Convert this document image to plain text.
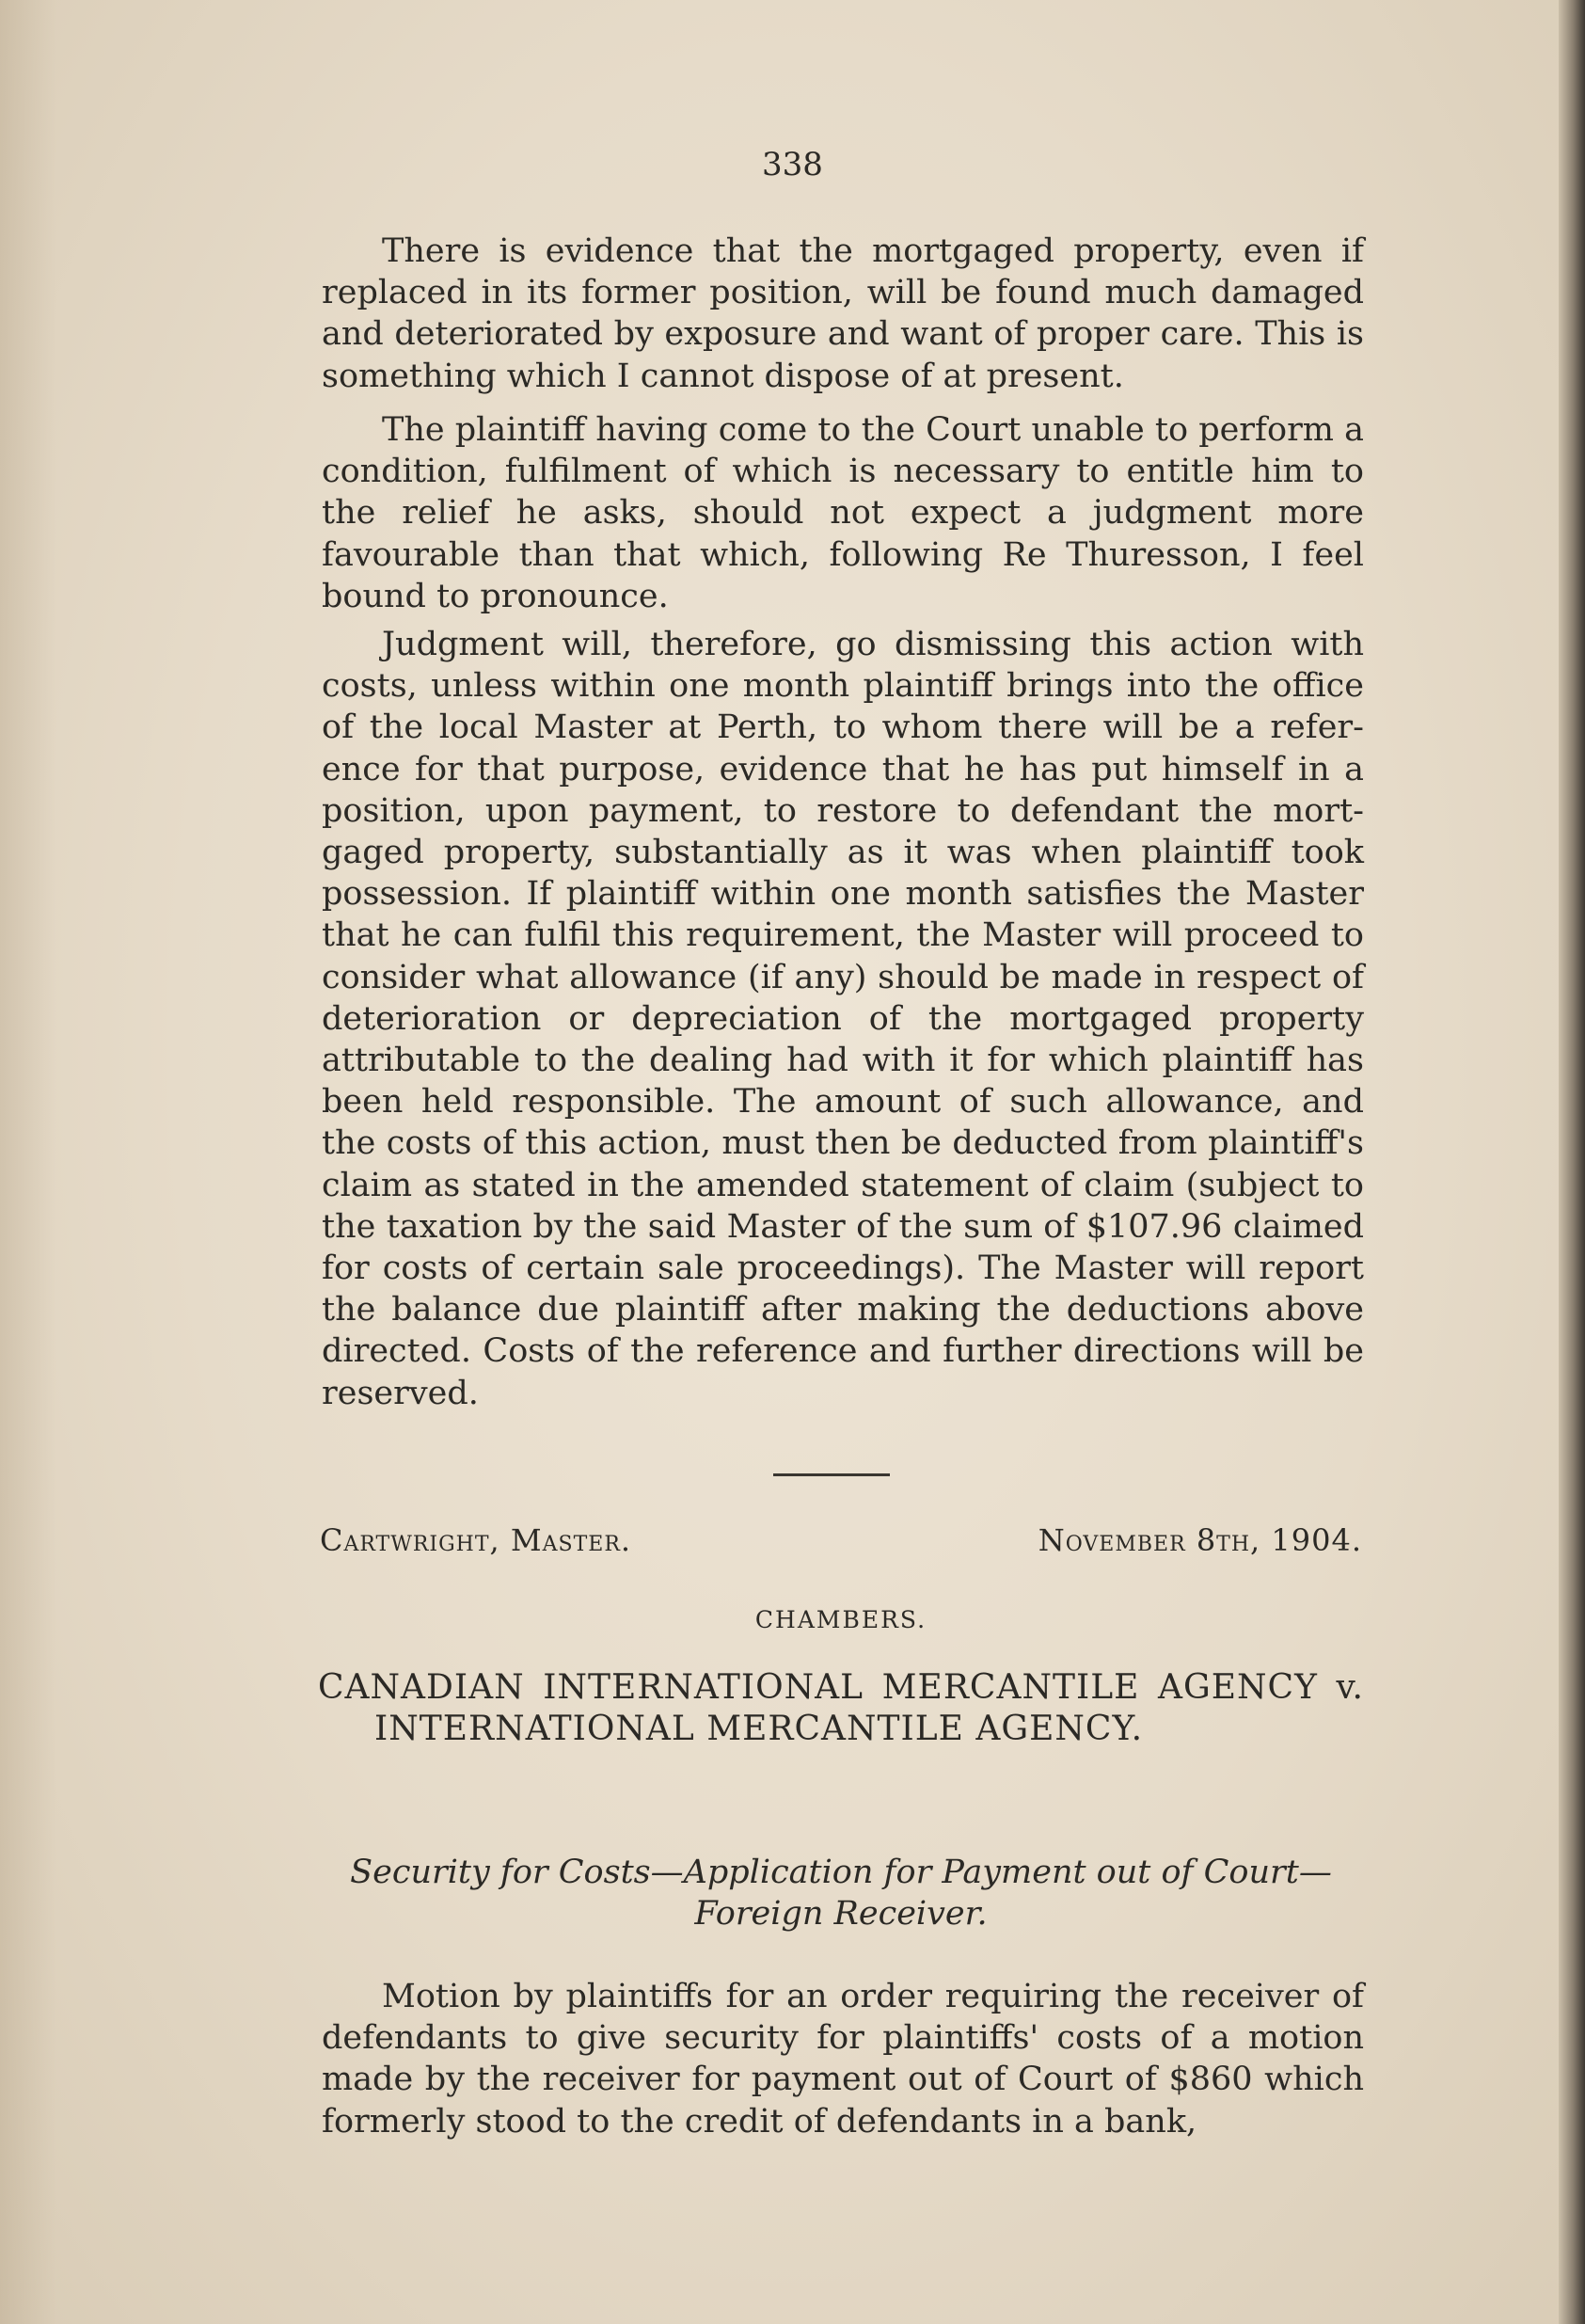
338

There is evidence that the mortgaged property, even if replaced in its former position, will be found much damaged and deteriorated by exposure and want of proper care. This is something which I cannot dispose of at present.

The plaintiff having come to the Court unable to perform a condition, fulfilment of which is necessary to entitle him to the relief he asks, should not expect a judgment more favourable than that which, following Re Thuresson, I feel bound to pronounce.

Judgment will, therefore, go dismissing this action with costs, unless within one month plaintiff brings into the office of the local Master at Perth, to whom there will be a reference for that purpose, evidence that he has put himself in a position, upon payment, to restore to defendant the mortgaged property, substantially as it was when plaintiff took possession. If plaintiff within one month satisfies the Master that he can fulfil this requirement, the Master will proceed to consider what allowance (if any) should be made in respect of deterioration or depreciation of the mortgaged property attributable to the dealing had with it for which plaintiff has been held responsible. The amount of such allowance, and the costs of this action, must then be deducted from plaintiff's claim as stated in the amended statement of claim (subject to the taxation by the said Master of the sum of $107.96 claimed for costs of certain sale proceedings). The Master will report the balance due plaintiff after making the deductions above directed. Costs of the reference and further directions will be reserved.

Cartwright, Master.	November 8th, 1904.
CHAMBERS.
CANADIAN INTERNATIONAL MERCANTILE AGENCY v. INTERNATIONAL MERCANTILE AGENCY.
Security for Costs—Application for Payment out of Court—
Foreign Receiver.

Motion by plaintiffs for an order requiring the receiver of defendants to give security for plaintiffs' costs of a motion made by the receiver for payment out of Court of $860 which formerly stood to the credit of defendants in a bank,
